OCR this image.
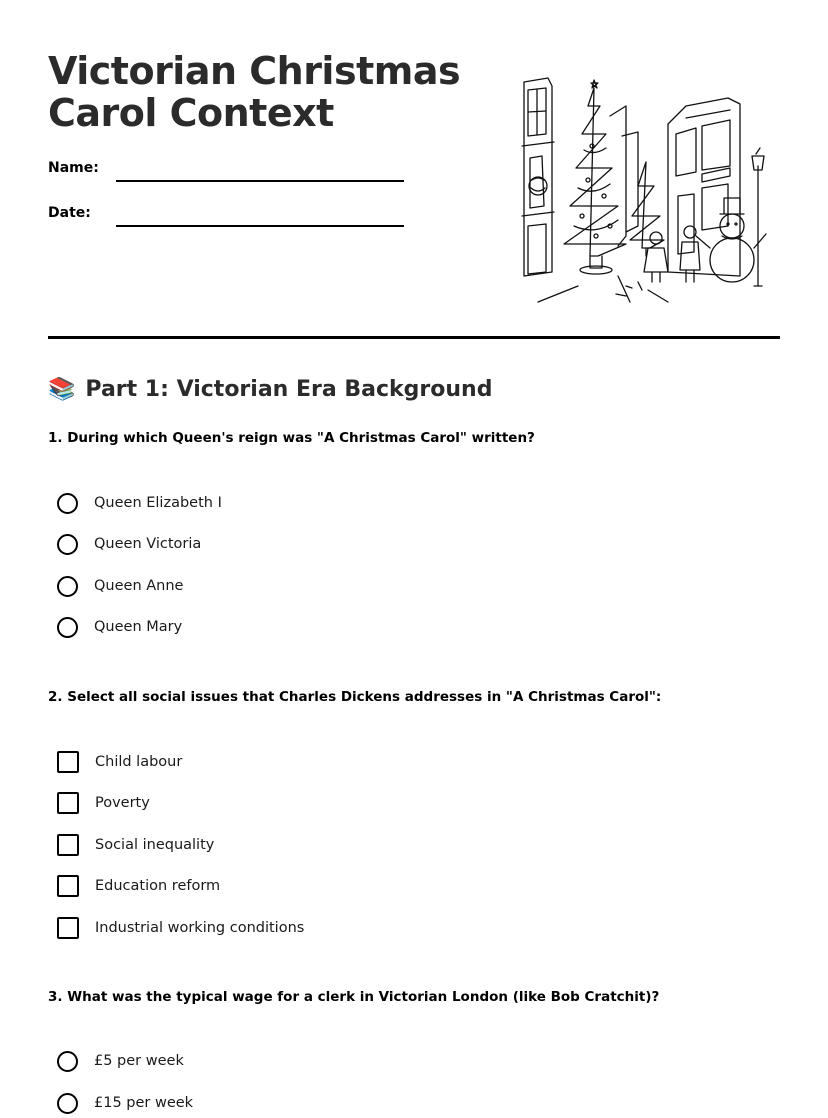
Victorian Christmas
Carol Context
Name:
Date:
📚 Part 1: Victorian Era Background
1. During which Queen's reign was "A Christmas Carol" written?
Queen Elizabeth I
Queen Victoria
Queen Anne
Queen Mary
2. Select all social issues that Charles Dickens addresses in "A Christmas Carol":
Child labour
Poverty
Social inequality
Education reform
Industrial working conditions
3. What was the typical wage for a clerk in Victorian London (like Bob Cratchit)?
£5 per week
£15 per week
